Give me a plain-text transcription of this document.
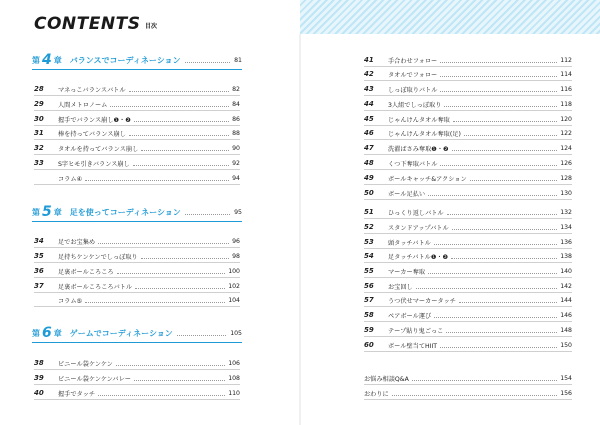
CONTENTS 目次
第 4 章 バランスでコーディネーション	81
28	マネっこバランスバトル	82
29	人間メトロノーム	84
30	握手でバランス崩し❶・❷	86
31	棒を持ってバランス崩し	88
32	タオルを持ってバランス崩し	90
33	S字ヒモ引きバランス崩し	92
コラム④	94
第 5 章 足を使ってコーディネーション	95
34	足でお宝集め	96
35	足持ちケンケンでしっぽ取り	98
36	足裏ボールころころ	100
37	足裏ボールころころバトル	102
コラム⑤	104
第 6 章 ゲームでコーディネーション	105
38	ビニール袋ケンケン	106
39	ビニール袋ケンケンバレー	108
40	握手でタッチ	110
41	手合わせフォロー	112
42	タオルでフォロー	114
43	しっぽ取りバトル	116
44	3人組でしっぽ取り	118
45	じゃんけんタオル奪取	120
46	じゃんけんタオル奪取(足)	122
47	洗濯ばさみ奪取❶・❷	124
48	くつ下奪取バトル	126
49	ボールキャッチ&アクション	128
50	ボール足払い	130
51	ひっくり返しバトル	132
52	スタンドアップバトル	134
53	頭タッチバトル	136
54	足タッチバトル❶・❷	138
55	マーカー奪取	140
56	お宝回し	142
57	うつ伏せマーカータッチ	144
58	ペアボール運び	146
59	テープ貼り鬼ごっこ	148
60	ボール壁当てHIIT	150
お悩み相談Q&A	154
おわりに	156
